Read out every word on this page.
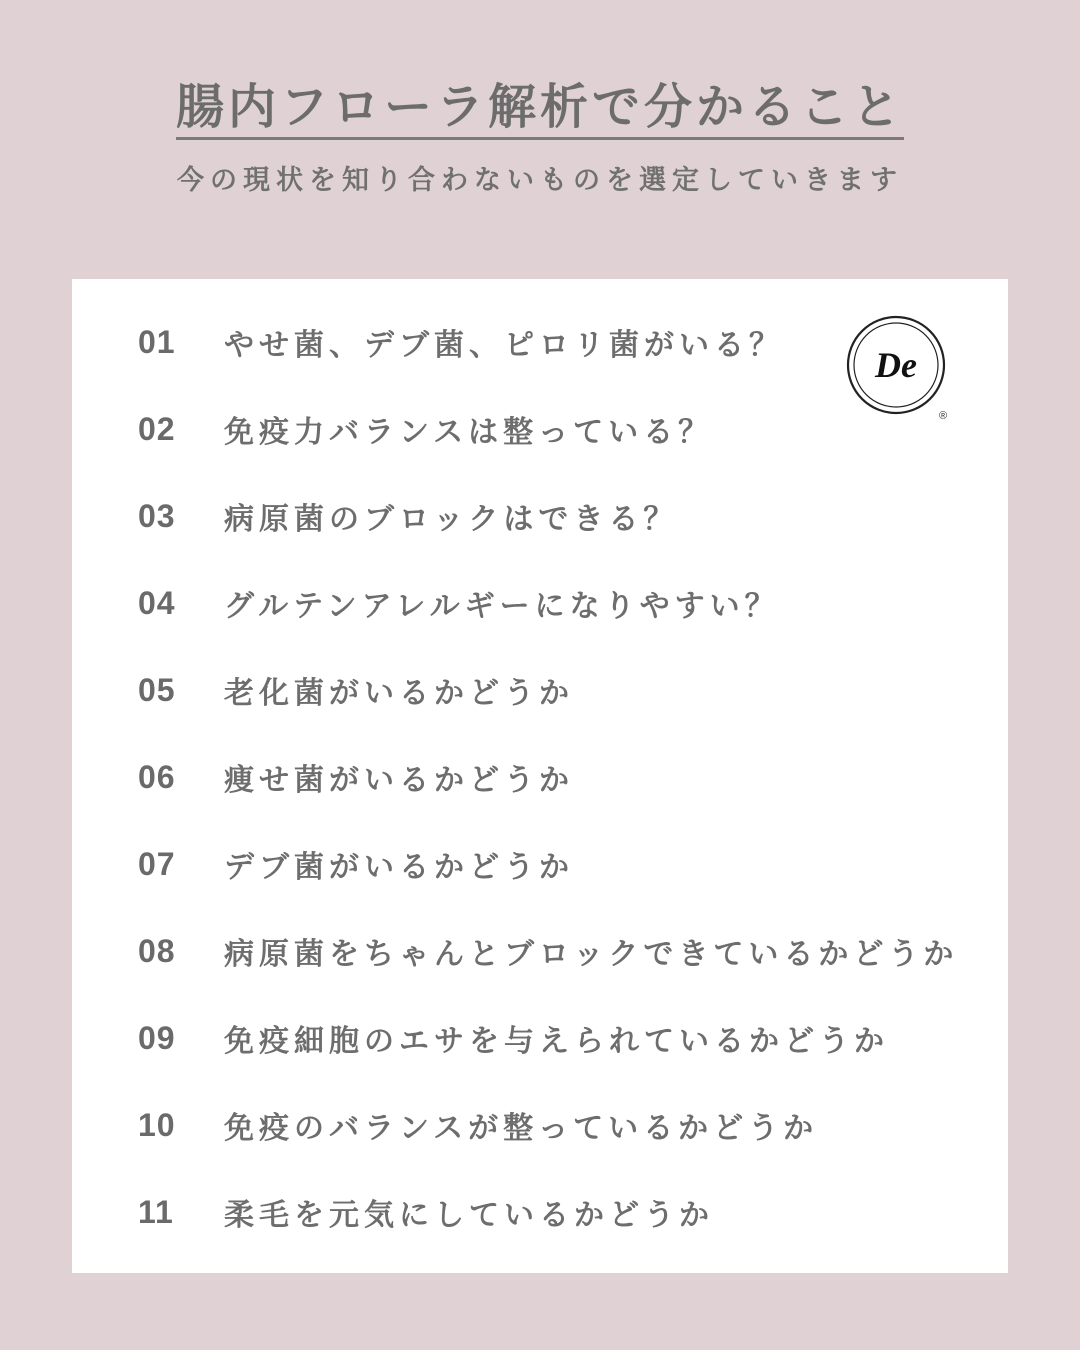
腸内フローラ解析で分かること
今の現状を知り合わないものを選定していきます
01	やせ菌、デブ菌、ピロリ菌がいる？
02	免疫力バランスは整っている？
03	病原菌のブロックはできる？
04	グルテンアレルギーになりやすい？
05	老化菌がいるかどうか
06	痩せ菌がいるかどうか
07	デブ菌がいるかどうか
08	病原菌をちゃんとブロックできているかどうか
09	免疫細胞のエサを与えられているかどうか
10	免疫のバランスが整っているかどうか
11	柔毛を元気にしているかどうか
De
®
